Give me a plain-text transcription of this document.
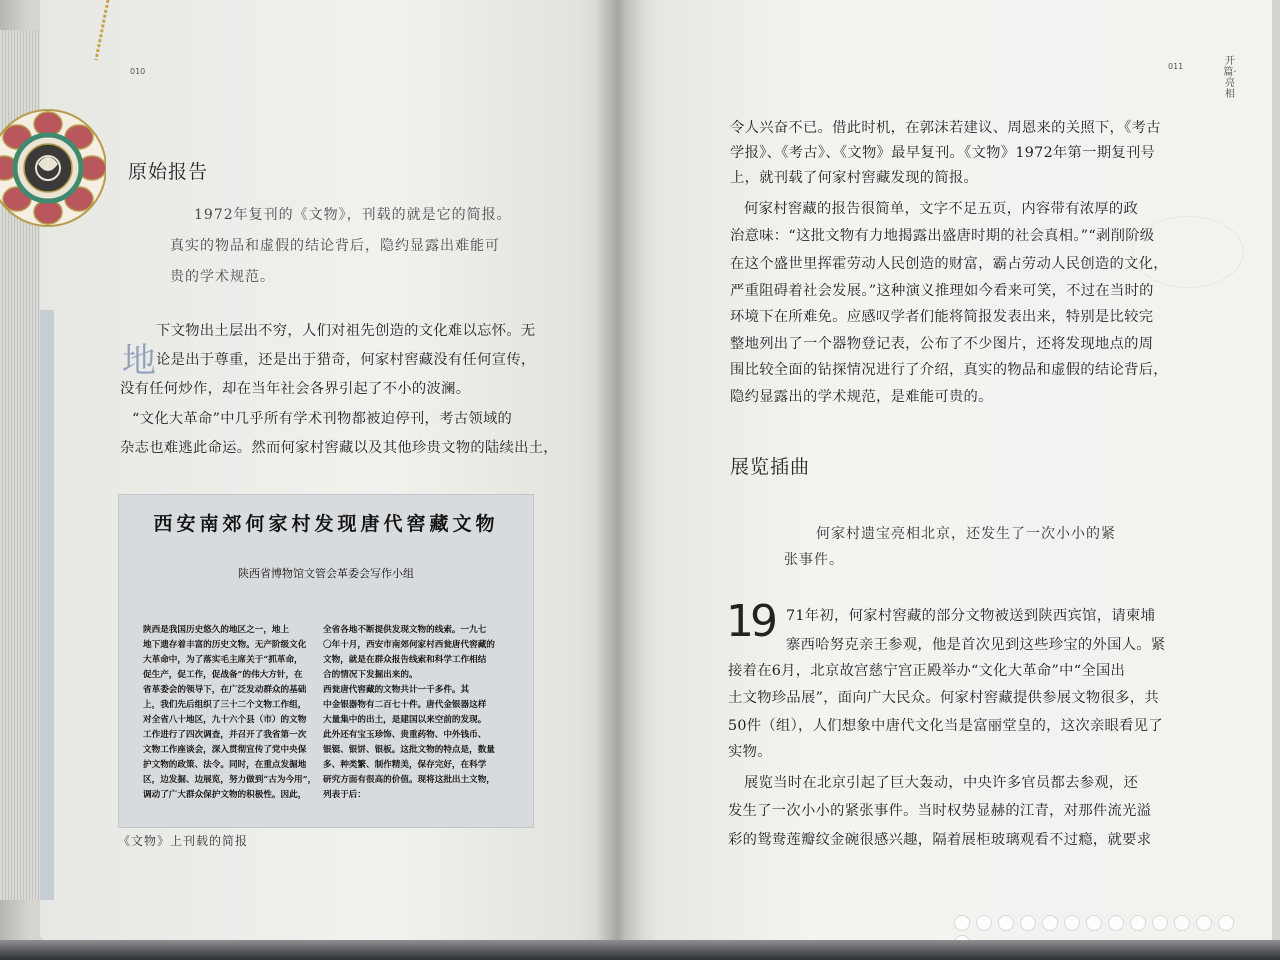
010
原始报告
1972年复刊的《文物》，刊载的就是它的简报。
真实的物品和虚假的结论背后，隐约显露出难能可
贵的学术规范。
地
下文物出土层出不穷，人们对祖先创造的文化难以忘怀。无
论是出于尊重，还是出于猎奇，何家村窖藏没有任何宣传，
没有任何炒作，却在当年社会各界引起了不小的波澜。
“文化大革命”中几乎所有学术刊物都被迫停刊，考古领域的
杂志也难逃此命运。然而何家村窖藏以及其他珍贵文物的陆续出土，
西安南郊何家村发现唐代窖藏文物
陕西省博物馆文管会革委会写作小组
陕西是我国历史悠久的地区之一，地上
地下遗存着丰富的历史文物。无产阶级文化
大革命中，为了落实毛主席关于“抓革命，
促生产，促工作，促战备”的伟大方针，在
省革委会的领导下，在广泛发动群众的基础
上，我们先后组织了三十二个文物工作组，
对全省八十地区，九十六个县（市）的文物
工作进行了四次调查，并召开了我省第一次
文物工作座谈会，深入贯彻宣传了党中央保
护文物的政策、法令。同时，在重点发掘地
区，边发掘、边展览，努力做到“古为今用”，
调动了广大群众保护文物的积极性。因此，
全省各地不断提供发现文物的线索。一九七
〇年十月，西安市南郊何家村西瓮唐代窖藏的
文物，就是在群众报告线索和科学工作相结
合的情况下发掘出来的。
西瓮唐代窖藏的文物共计一千多件。其
中金银器物有二百七十件。唐代金银器这样
大量集中的出土，是建国以来空前的发现。
此外还有宝玉珍饰、贵重药物、中外钱币、
银铤、银饼、银板。这批文物的特点是，数量
多、种类繁、制作精美，保存完好，在科学
研究方面有很高的价值。现将这批出土文物，
列表于后：
《文物》上刊载的简报
011
令人兴奋不已。借此时机，在郭沫若建议、周恩来的关照下，《考古
学报》、《考古》、《文物》最早复刊。《文物》1972年第一期复刊号
上，就刊载了何家村窖藏发现的简报。
何家村窖藏的报告很简单，文字不足五页，内容带有浓厚的政
治意味：“这批文物有力地揭露出盛唐时期的社会真相。”“剥削阶级
在这个盛世里挥霍劳动人民创造的财富，霸占劳动人民创造的文化，
严重阻碍着社会发展。”这种演义推理如今看来可笑，不过在当时的
环境下在所难免。应感叹学者们能将简报发表出来，特别是比较完
整地列出了一个器物登记表，公布了不少图片，还将发现地点的周
围比较全面的钻探情况进行了介绍，真实的物品和虚假的结论背后，
隐约显露出的学术规范，是难能可贵的。
展览插曲
何家村遗宝亮相北京，还发生了一次小小的紧
张事件。
19 71年初，何家村窖藏的部分文物被送到陕西宾馆，请柬埔
寨西哈努克亲王参观，他是首次见到这些珍宝的外国人。紧
接着在6月，北京故宫慈宁宫正殿举办“文化大革命”中“全国出
土文物珍品展”，面向广大民众。何家村窖藏提供参展文物很多，共
50件（组），人们想象中唐代文化当是富丽堂皇的，这次亲眼看见了
实物。
展览当时在北京引起了巨大轰动，中央许多官员都去参观，还
发生了一次小小的紧张事件。当时权势显赫的江青，对那件流光溢
彩的鸳鸯莲瓣纹金碗很感兴趣，隔着展柜玻璃观看不过瘾，就要求
开篇·亮相
